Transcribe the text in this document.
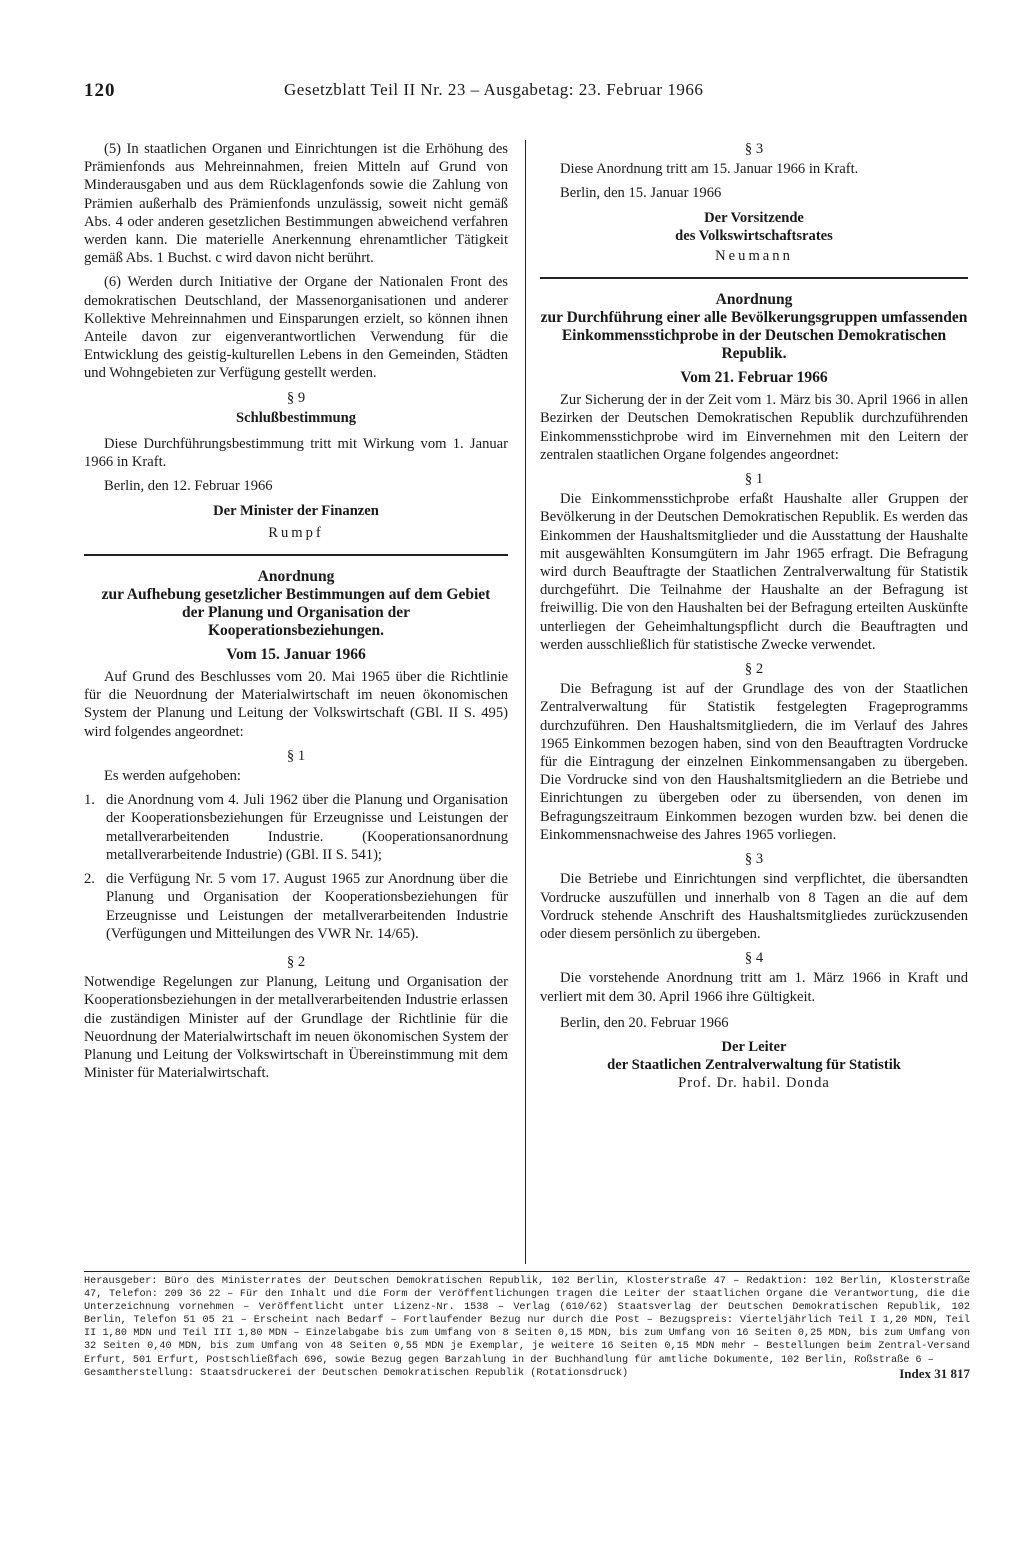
120	Gesetzblatt Teil II Nr. 23 – Ausgabetag: 23. Februar 1966

(5) In staatlichen Organen und Einrichtungen ist die Erhöhung des Prämienfonds aus Mehreinnahmen, freien Mitteln auf Grund von Minderausgaben und aus dem Rücklagenfonds sowie die Zahlung von Prämien außerhalb des Prämienfonds unzulässig, soweit nicht gemäß Abs. 4 oder anderen gesetzlichen Bestimmungen abweichend verfahren werden kann. Die materielle Anerkennung ehrenamtlicher Tätigkeit gemäß Abs. 1 Buchst. c wird davon nicht berührt.

(6) Werden durch Initiative der Organe der Nationalen Front des demokratischen Deutschland, der Massenorganisationen und anderer Kollektive Mehreinnahmen und Einsparungen erzielt, so können ihnen Anteile davon zur eigenverantwortlichen Verwendung für die Entwicklung des geistig-kulturellen Lebens in den Gemeinden, Städten und Wohngebieten zur Verfügung gestellt werden.

§ 9
Schlußbestimmung

Diese Durchführungsbestimmung tritt mit Wirkung vom 1. Januar 1966 in Kraft.

Berlin, den 12. Februar 1966

Der Minister der Finanzen
Rumpf
Anordnung
zur Aufhebung gesetzlicher Bestimmungen auf dem Gebiet der Planung und Organisation der Kooperationsbeziehungen.
Vom 15. Januar 1966

Auf Grund des Beschlusses vom 20. Mai 1965 über die Richtlinie für die Neuordnung der Materialwirtschaft im neuen ökonomischen System der Planung und Leitung der Volkswirtschaft (GBl. II S. 495) wird folgendes angeordnet:

§ 1

Es werden aufgehoben:

1. die Anordnung vom 4. Juli 1962 über die Planung und Organisation der Kooperationsbeziehungen für Erzeugnisse und Leistungen der metallverarbeitenden Industrie. (Kooperationsanordnung metallverarbeitende Industrie) (GBl. II S. 541);
2. die Verfügung Nr. 5 vom 17. August 1965 zur Anordnung über die Planung und Organisation der Kooperationsbeziehungen für Erzeugnisse und Leistungen der metallverarbeitenden Industrie (Verfügungen und Mitteilungen des VWR Nr. 14/65).
§ 2

Notwendige Regelungen zur Planung, Leitung und Organisation der Kooperationsbeziehungen in der metallverarbeitenden Industrie erlassen die zuständigen Minister auf der Grundlage der Richtlinie für die Neuordnung der Materialwirtschaft im neuen ökonomischen System der Planung und Leitung der Volkswirtschaft in Übereinstimmung mit dem Minister für Materialwirtschaft.

§ 3

Diese Anordnung tritt am 15. Januar 1966 in Kraft.

Berlin, den 15. Januar 1966

Der Vorsitzende
des Volkswirtschaftsrates
Neumann
Anordnung
zur Durchführung einer alle Bevölkerungsgruppen umfassenden Einkommensstichprobe in der Deutschen Demokratischen Republik.
Vom 21. Februar 1966

Zur Sicherung der in der Zeit vom 1. März bis 30. April 1966 in allen Bezirken der Deutschen Demokratischen Republik durchzuführenden Einkommensstichprobe wird im Einvernehmen mit den Leitern der zentralen staatlichen Organe folgendes angeordnet:

§ 1

Die Einkommensstichprobe erfaßt Haushalte aller Gruppen der Bevölkerung in der Deutschen Demokratischen Republik. Es werden das Einkommen der Haushaltsmitglieder und die Ausstattung der Haushalte mit ausgewählten Konsumgütern im Jahr 1965 erfragt. Die Befragung wird durch Beauftragte der Staatlichen Zentralverwaltung für Statistik durchgeführt. Die Teilnahme der Haushalte an der Befragung ist freiwillig. Die von den Haushalten bei der Befragung erteilten Auskünfte unterliegen der Geheimhaltungspflicht durch die Beauftragten und werden ausschließlich für statistische Zwecke verwendet.

§ 2

Die Befragung ist auf der Grundlage des von der Staatlichen Zentralverwaltung für Statistik festgelegten Frageprogramms durchzuführen. Den Haushaltsmitgliedern, die im Verlauf des Jahres 1965 Einkommen bezogen haben, sind von den Beauftragten Vordrucke für die Eintragung der einzelnen Einkommensangaben zu übergeben. Die Vordrucke sind von den Haushaltsmitgliedern an die Betriebe und Einrichtungen zu übergeben oder zu übersenden, von denen im Befragungszeitraum Einkommen bezogen wurden bzw. bei denen die Einkommensnachweise des Jahres 1965 vorliegen.

§ 3

Die Betriebe und Einrichtungen sind verpflichtet, die übersandten Vordrucke auszufüllen und innerhalb von 8 Tagen an die auf dem Vordruck stehende Anschrift des Haushaltsmitgliedes zurückzusenden oder diesem persönlich zu übergeben.

§ 4

Die vorstehende Anordnung tritt am 1. März 1966 in Kraft und verliert mit dem 30. April 1966 ihre Gültigkeit.

Berlin, den 20. Februar 1966

Der Leiter
der Staatlichen Zentralverwaltung für Statistik
Prof. Dr. habil. Donda
Herausgeber: Büro des Ministerrates der Deutschen Demokratischen Republik, 102 Berlin, Klosterstraße 47 – Redaktion: 102 Berlin, Klosterstraße 47, Telefon: 209 36 22 – Für den Inhalt und die Form der Veröffentlichungen tragen die Leiter der staatlichen Organe die Verantwortung, die die Unterzeichnung vornehmen – Veröffentlicht unter Lizenz-Nr. 1538 – Verlag (610/62) Staatsverlag der Deutschen Demokratischen Republik, 102 Berlin, Telefon 51 05 21 – Erscheint nach Bedarf – Fortlaufender Bezug nur durch die Post – Bezugspreis: Vierteljährlich Teil I 1,20 MDN, Teil II 1,80 MDN und Teil III 1,80 MDN – Einzelabgabe bis zum Umfang von 8 Seiten 0,15 MDN, bis zum Umfang von 16 Seiten 0,25 MDN, bis zum Umfang von 32 Seiten 0,40 MDN, bis zum Umfang von 48 Seiten 0,55 MDN je Exemplar, je weitere 16 Seiten 0,15 MDN mehr – Bestellungen beim Zentral-Versand Erfurt, 501 Erfurt, Postschließfach 696, sowie Bezug gegen Barzahlung in der Buchhandlung für amtliche Dokumente, 102 Berlin, Roßstraße 6 –
Gesamtherstellung: Staatsdruckerei der Deutschen Demokratischen Republik (Rotationsdruck)	Index 31 817
